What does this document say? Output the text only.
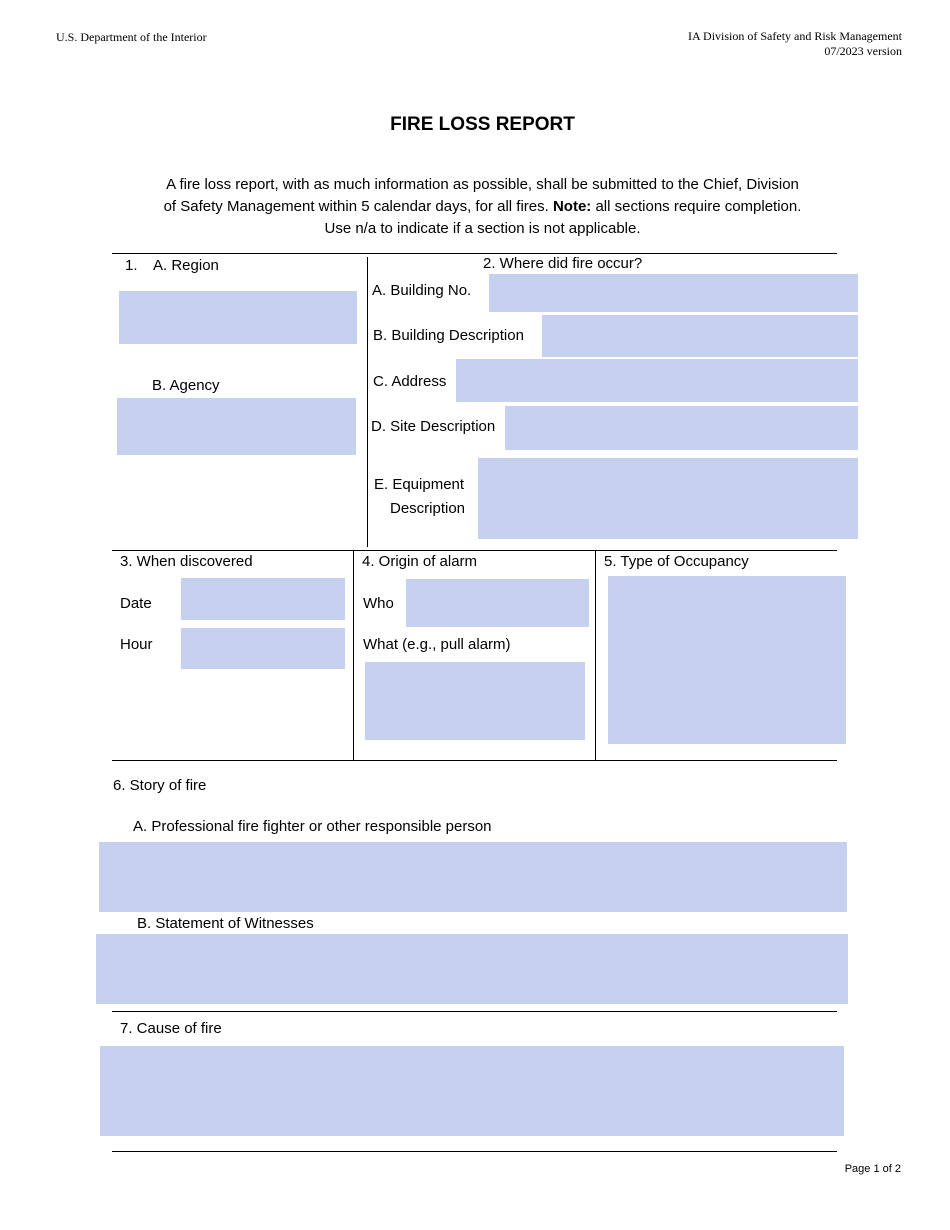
U.S. Department of the Interior	IA Division of Safety and Risk Management
07/2023 version
FIRE LOSS REPORT
A fire loss report, with as much information as possible, shall be submitted to the Chief, Division
of Safety Management within 5 calendar days, for all fires. Note: all sections require completion.
Use n/a to indicate if a section is not applicable.
1. A. Region
B. Agency
2. Where did fire occur?
A. Building No.
B. Building Description
C. Address
D. Site Description
E. Equipment
Description
3. When discovered
Date
Hour
4. Origin of alarm
Who
What (e.g., pull alarm)
5. Type of Occupancy
6. Story of fire
A. Professional fire fighter or other responsible person
B. Statement of Witnesses
7. Cause of fire
Page 1 of 2
